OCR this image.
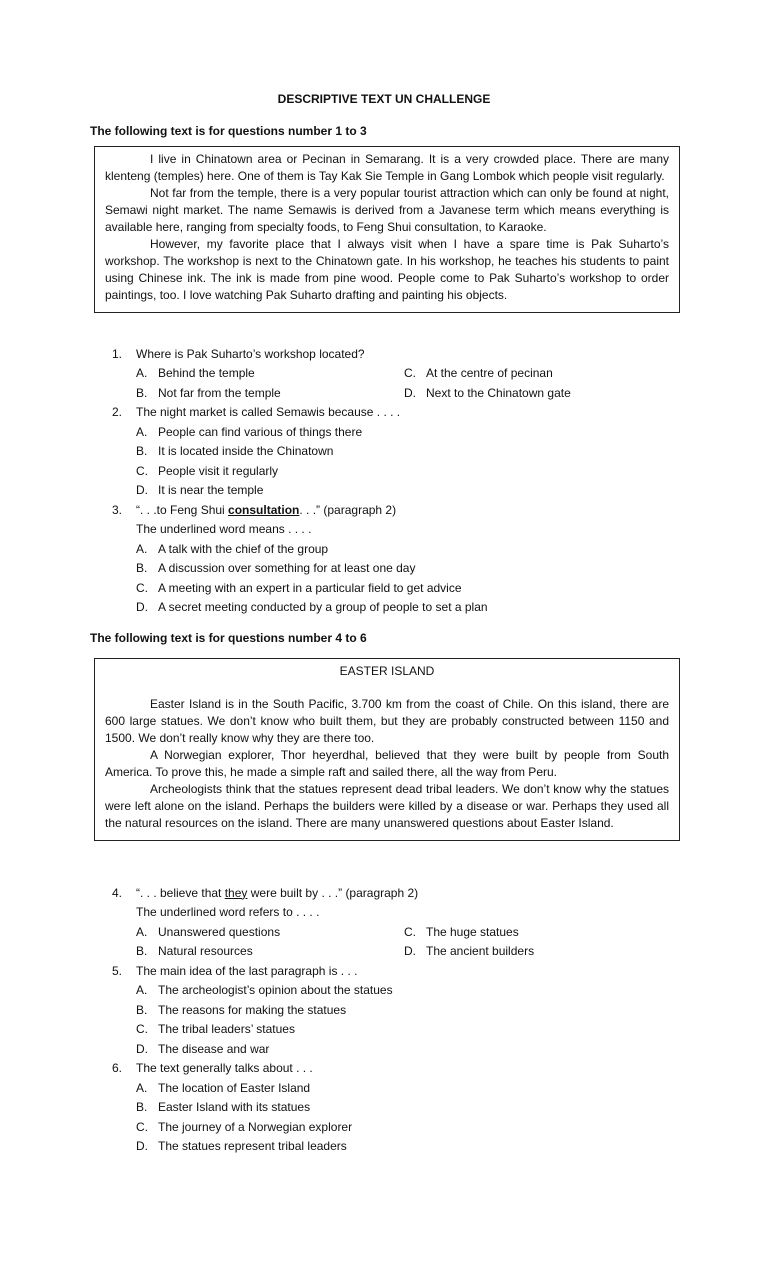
DESCRIPTIVE TEXT UN CHALLENGE
The following text is for questions number 1 to 3

I live in Chinatown area or Pecinan in Semarang. It is a very crowded place. There are many klenteng (temples) here. One of them is Tay Kak Sie Temple in Gang Lombok which people visit regularly.

Not far from the temple, there is a very popular tourist attraction which can only be found at night, Semawi night market. The name Semawis is derived from a Javanese term which means everything is available here, ranging from specialty foods, to Feng Shui consultation, to Karaoke.

However, my favorite place that I always visit when I have a spare time is Pak Suharto’s workshop. The workshop is next to the Chinatown gate. In his workshop, he teaches his students to paint using Chinese ink. The ink is made from pine wood. People come to Pak Suharto’s workshop to order paintings, too. I love watching Pak Suharto drafting and painting his objects.

1.	Where is Pak Suharto’s workshop located?
A. Behind the temple	C. At the centre of pecinan
B. Not far from the temple	D. Next to the Chinatown gate
2.	The night market is called Semawis because . . . .
A. People can find various of things there
B. It is located inside the Chinatown
C. People visit it regularly
D. It is near the temple
3.	“. . .to Feng Shui consultation. . .” (paragraph 2)
The underlined word means . . . .
A. A talk with the chief of the group
B. A discussion over something for at least one day
C. A meeting with an expert in a particular field to get advice
D. A secret meeting conducted by a group of people to set a plan
The following text is for questions number 4 to 6

EASTER ISLAND

Easter Island is in the South Pacific, 3.700 km from the coast of Chile. On this island, there are 600 large statues. We don’t know who built them, but they are probably constructed between 1150 and 1500. We don’t really know why they are there too.

A Norwegian explorer, Thor heyerdhal, believed that they were built by people from South America. To prove this, he made a simple raft and sailed there, all the way from Peru.

Archeologists think that the statues represent dead tribal leaders. We don’t know why the statues were left alone on the island. Perhaps the builders were killed by a disease or war. Perhaps they used all the natural resources on the island. There are many unanswered questions about Easter Island.

4.	“. . . believe that they were built by . . .” (paragraph 2)
The underlined word refers to . . . .
A. Unanswered questions	C. The huge statues
B. Natural resources	D. The ancient builders
5.	The main idea of the last paragraph is . . .
A. The archeologist’s opinion about the statues
B. The reasons for making the statues
C. The tribal leaders’ statues
D. The disease and war
6.	The text generally talks about . . .
A. The location of Easter Island
B. Easter Island with its statues
C. The journey of a Norwegian explorer
D. The statues represent tribal leaders
